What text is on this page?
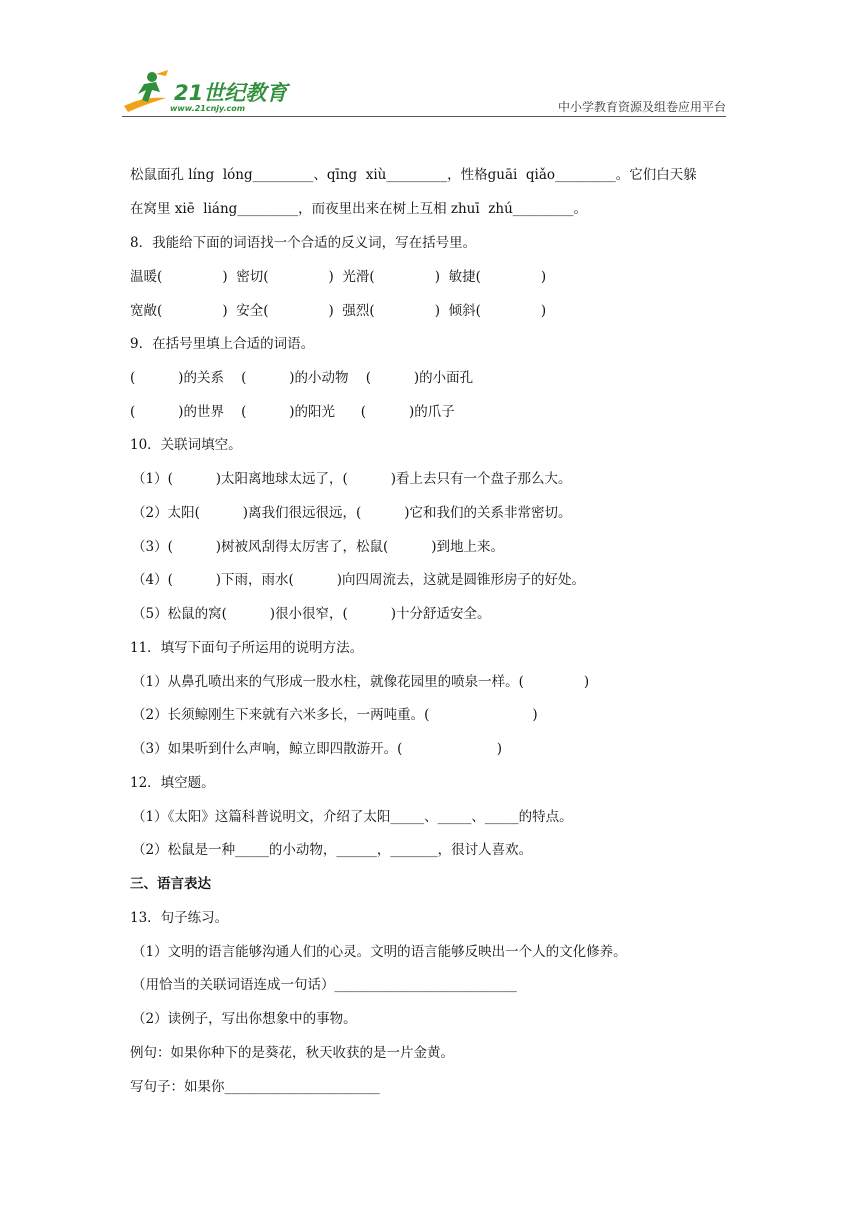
21世纪教育
www.21cnjy.com	中小学教育资源及组卷应用平台
松鼠面孔 líng  lóng_________、qīng  xiù_________，性格guāi  qiǎo_________。它们白天躲
在窝里 xiē  liáng_________，而夜里出来在树上互相 zhuī  zhú_________。
8．我能给下面的词语找一个合适的反义词，写在括号里。
温暖(              )  密切(              )  光滑(              )  敏捷(              )
宽敞(              )  安全(              )  强烈(              )  倾斜(              )
9．在括号里填上合适的词语。
(          )的关系    (          )的小动物    (          )的小面孔
(          )的世界    (          )的阳光      (          )的爪子
10．关联词填空。
（1）(          )太阳离地球太远了，(          )看上去只有一个盘子那么大。
（2）太阳(          )离我们很远很远，(          )它和我们的关系非常密切。
（3）(          )树被风刮得太厉害了，松鼠(          )到地上来。
（4）(          )下雨，雨水(          )向四周流去，这就是圆锥形房子的好处。
（5）松鼠的窝(          )很小很窄，(          )十分舒适安全。
11．填写下面句子所运用的说明方法。
（1）从鼻孔喷出来的气形成一股水柱，就像花园里的喷泉一样。(              )
（2）长须鲸刚生下来就有六米多长，一两吨重。(                        )
（3）如果听到什么声响，鲸立即四散游开。(                      )
12．填空题。
（1）《太阳》这篇科普说明文，介绍了太阳_____、_____、_____的特点。
（2）松鼠是一种_____的小动物，______，_______，很讨人喜欢。
三、语言表达
13．句子练习。
（1）文明的语言能够沟通人们的心灵。文明的语言能够反映出一个人的文化修养。
（用恰当的关联词语连成一句话）___________________________
（2）读例子，写出你想象中的事物。
例句：如果你种下的是葵花，秋天收获的是一片金黄。
写句子：如果你_______________________
